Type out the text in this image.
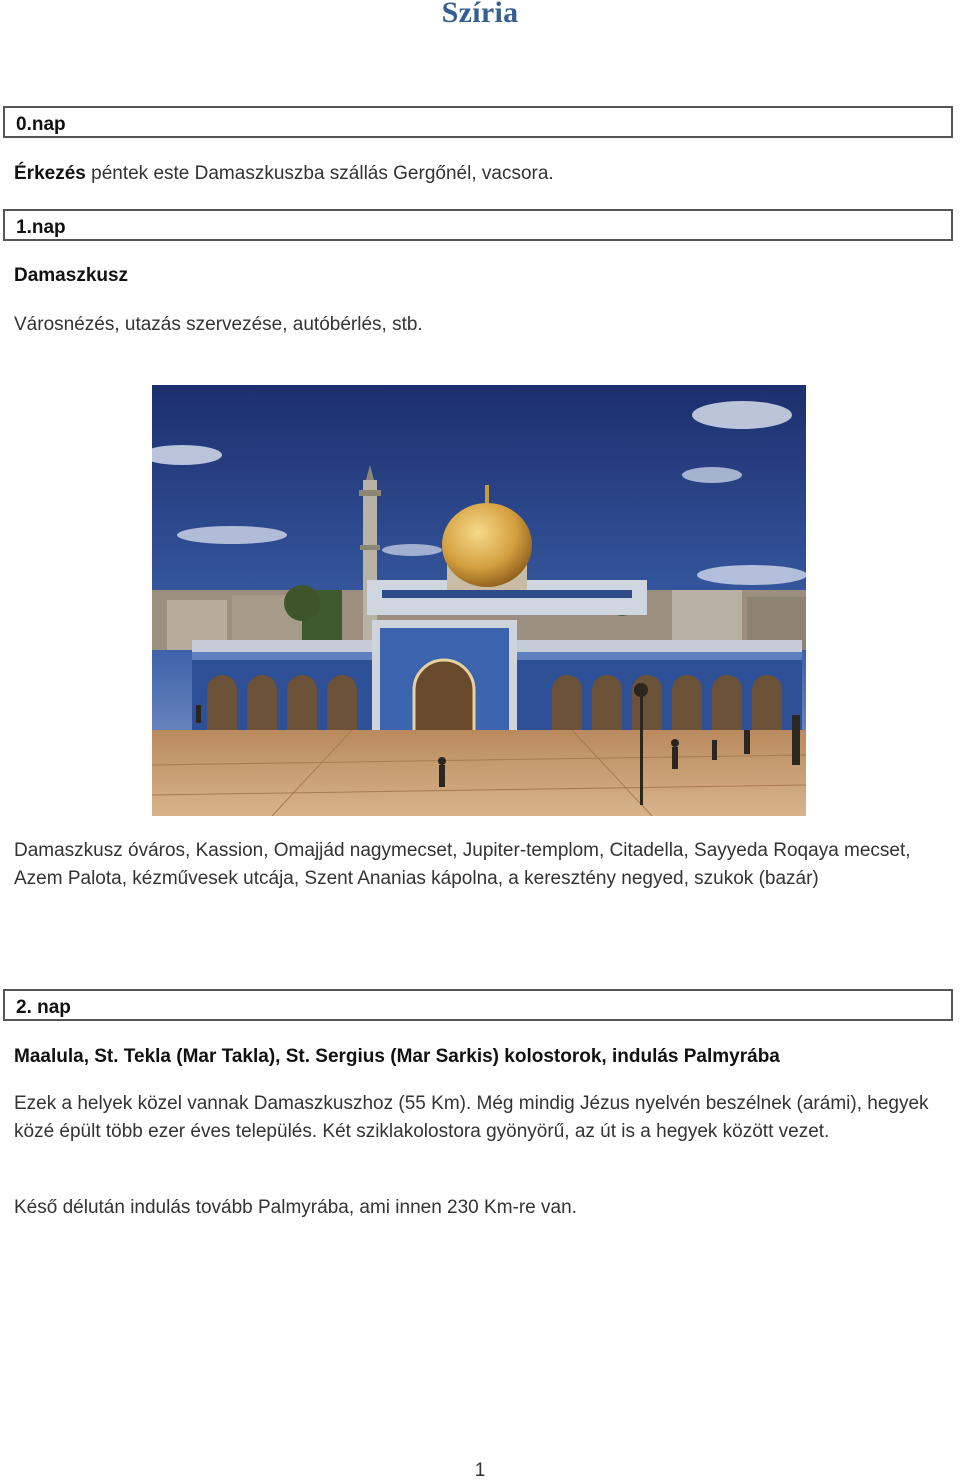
Szíria
0.nap
Érkezés péntek este Damaszkuszba szállás Gergőnél, vacsora.
1.nap
Damaszkusz
Városnézés, utazás szervezése, autóbérlés, stb.
Damaszkusz óváros, Kassion, Omajjád nagymecset, Jupiter-templom, Citadella, Sayyeda Roqaya mecset, Azem Palota, kézművesek utcája, Szent Ananias kápolna, a keresztény negyed, szukok (bazár)
2. nap
Maalula, St. Tekla (Mar Takla), St. Sergius (Mar Sarkis) kolostorok, indulás Palmyrába
Ezek a helyek közel vannak Damaszkuszhoz (55 Km). Még mindig Jézus nyelvén beszélnek (arámi), hegyek közé épült több ezer éves település. Két sziklakolostora gyönyörű, az út is a hegyek között vezet.
Késő délután indulás tovább Palmyrába, ami innen 230 Km-re van.
1
